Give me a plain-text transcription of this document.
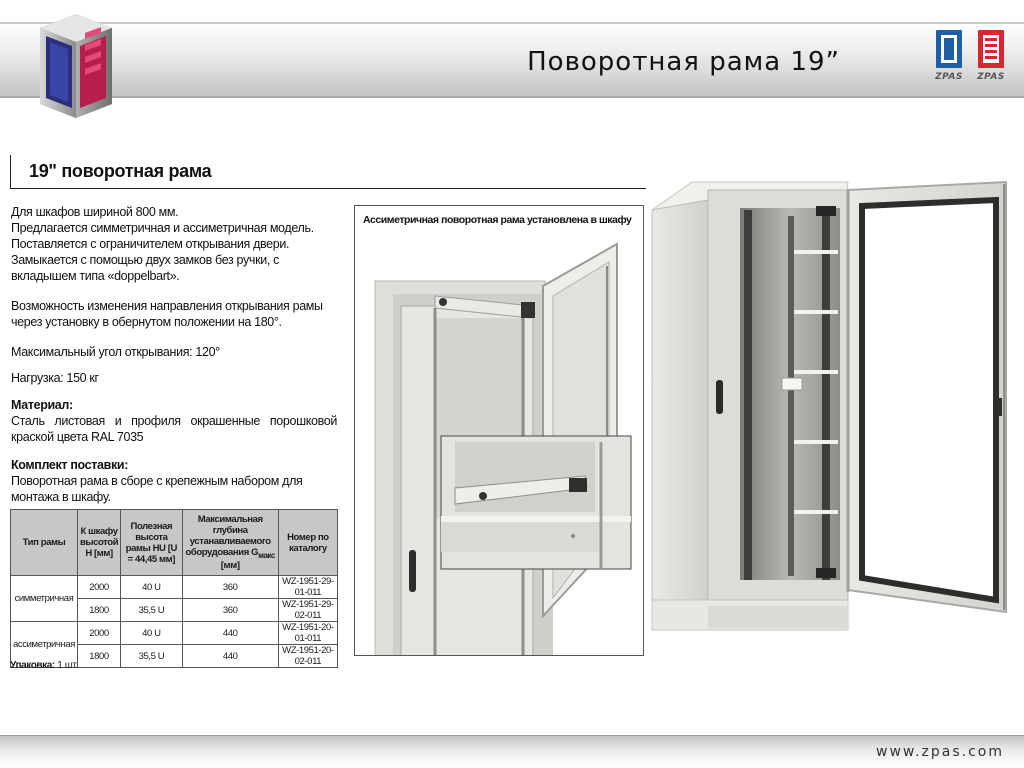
Поворотная рама 19”	ZPAS	ZPAS
19" поворотная рама
Для шкафов шириной 800 мм.
Предлагается симметричная и ассиметричная модель.
Поставляется с ограничителем открывания двери.
Замыкается с помощью двух замков без ручки, с вкладышем типа «doppelbart».
Возможность изменения направления открывания рамы через установку в обернутом положении на 180°.
Максимальный угол открывания: 120°
Нагрузка: 150 кг
Материал:
Сталь листовая и профиля окрашенные порошковой краской цвета RAL 7035
Комплект поставки:
Поворотная рама в сборе с крепежным набором для монтажа в шкафу.
Тип рамы	К шкафу высотой H [мм]	Полезная высота рамы HU [U = 44,45 мм]	Максимальная глубина устанавливаемого оборудования $G_{макс}$ [мм]	Номер по каталогу
симметричная	2000	40 U	360	WZ-1951-29-01-011
	1800	35,5 U	360	WZ-1951-29-02-011
ассиметричная	2000	40 U	440	WZ-1951-20-01-011
	1800	35,5 U	440	WZ-1951-20-02-011
Упаковка: 1 шт.
Ассиметричная поворотная рама установлена в шкафу
www.zpas.com
